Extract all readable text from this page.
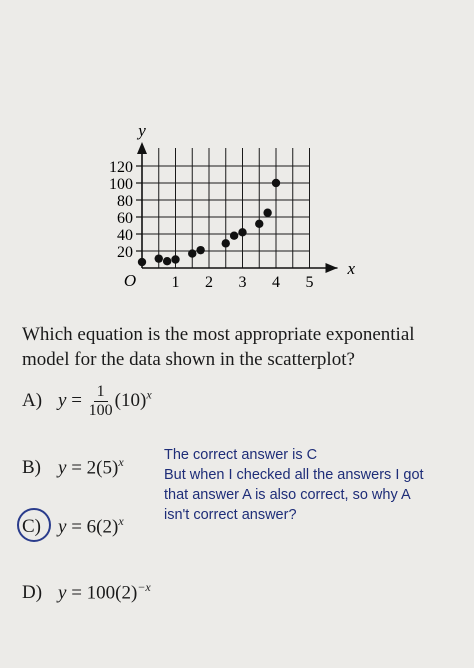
y
x
O 1 2 3 4 5
20
40
60
80
100
120
Which equation is the most appropriate exponential
model for the data shown in the scatterplot?
A) $y = \frac{1}{100} (10)^x$
B) $y = 2(5)^x$
C) $y = 6(2)^x$
D) $y = 100(2)^{-x}$

The correct answer is C

But when I checked all the answers I got

that answer A is also correct, so why A

isn't correct answer?
